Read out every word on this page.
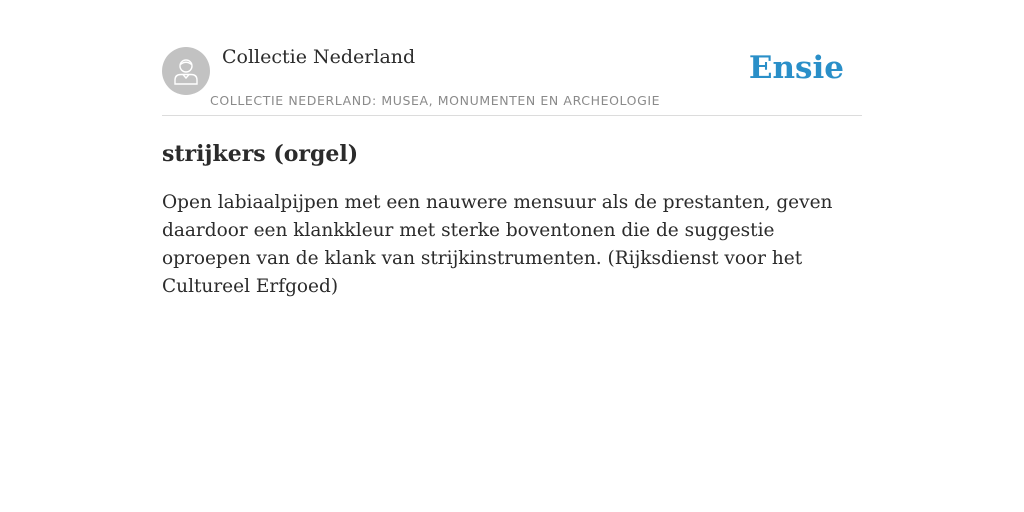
Collectie Nederland
COLLECTIE NEDERLAND: MUSEA, MONUMENTEN EN ARCHEOLOGIE
Ensie
strijkers (orgel)

Open labiaalpijpen met een nauwere mensuur als de prestanten, geven daardoor een klankkleur met sterke boventonen die de suggestie oproepen van de klank van strijkinstrumenten. (Rijksdienst voor het Cultureel Erfgoed)
